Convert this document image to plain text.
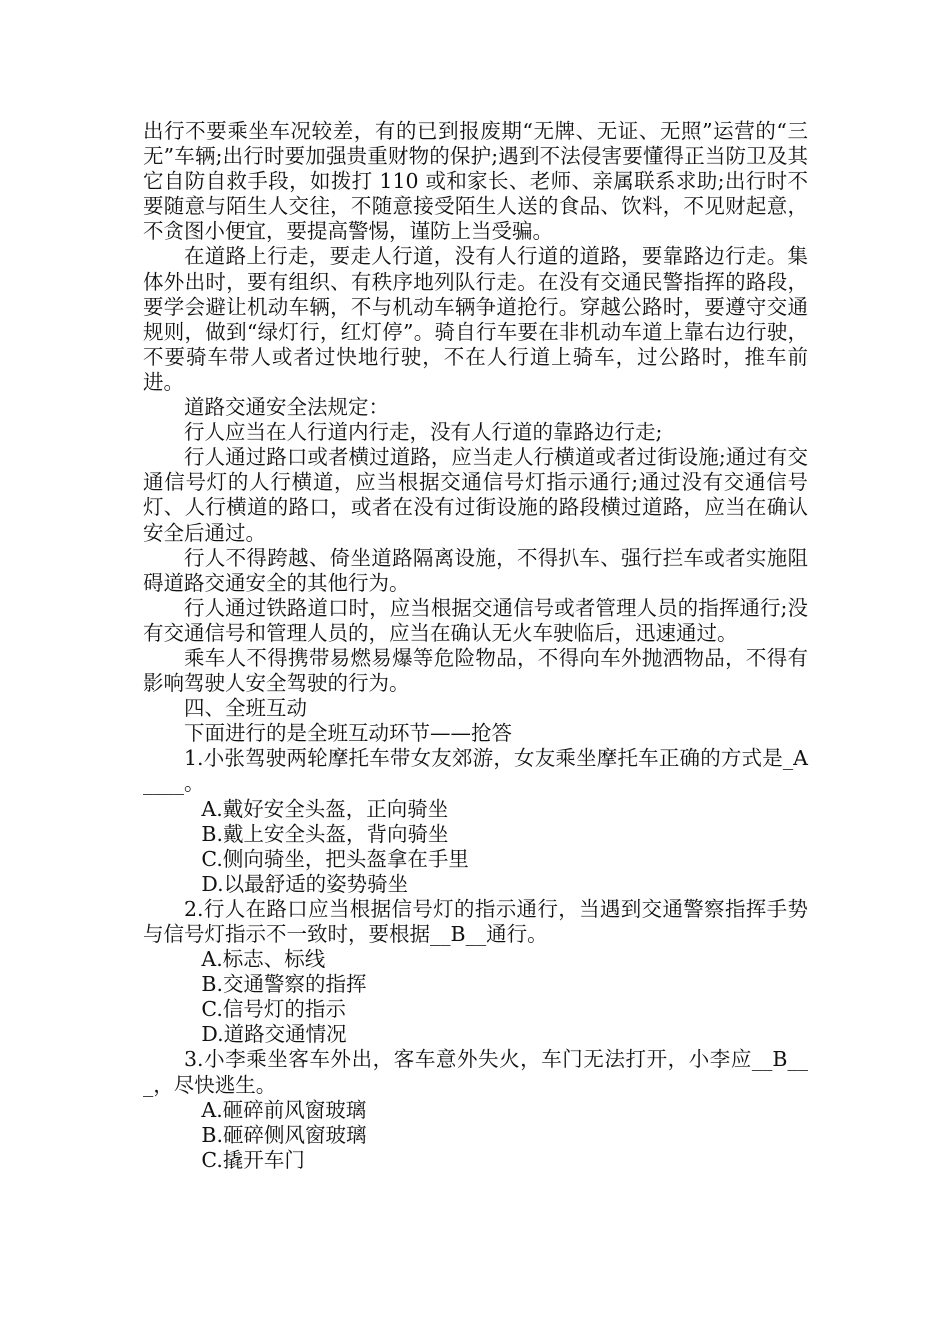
出行不要乘坐车况较差，有的已到报废期“无牌、无证、无照”运营的“三无”车辆;出行时要加强贵重财物的保护;遇到不法侵害要懂得正当防卫及其它自防自救手段，如拨打 110 或和家长、老师、亲属联系求助;出行时不要随意与陌生人交往，不随意接受陌生人送的食品、饮料，不见财起意，不贪图小便宜，要提高警惕，谨防上当受骗。

在道路上行走，要走人行道，没有人行道的道路，要靠路边行走。集体外出时，要有组织、有秩序地列队行走。在没有交通民警指挥的路段，要学会避让机动车辆，不与机动车辆争道抢行。穿越公路时，要遵守交通规则，做到“绿灯行，红灯停”。骑自行车要在非机动车道上靠右边行驶，不要骑车带人或者过快地行驶，不在人行道上骑车，过公路时，推车前进。

道路交通安全法规定：

行人应当在人行道内行走，没有人行道的靠路边行走;

行人通过路口或者横过道路，应当走人行横道或者过街设施;通过有交通信号灯的人行横道，应当根据交通信号灯指示通行;通过没有交通信号灯、人行横道的路口，或者在没有过街设施的路段横过道路，应当在确认安全后通过。

行人不得跨越、倚坐道路隔离设施，不得扒车、强行拦车或者实施阻碍道路交通安全的其他行为。

行人通过铁路道口时，应当根据交通信号或者管理人员的指挥通行;没有交通信号和管理人员的，应当在确认无火车驶临后，迅速通过。

乘车人不得携带易燃易爆等危险物品，不得向车外抛洒物品，不得有影响驾驶人安全驾驶的行为。

四、全班互动

下面进行的是全班互动环节——抢答

1.小张驾驶两轮摩托车带女友郊游，女友乘坐摩托车正确的方式是_A____。

A.戴好安全头盔，正向骑坐

B.戴上安全头盔，背向骑坐

C.侧向骑坐，把头盔拿在手里

D.以最舒适的姿势骑坐

2.行人在路口应当根据信号灯的指示通行，当遇到交通警察指挥手势与信号灯指示不一致时，要根据__B__通行。

A.标志、标线

B.交通警察的指挥

C.信号灯的指示

D.道路交通情况

3.小李乘坐客车外出，客车意外失火，车门无法打开，小李应__B___，尽快逃生。

A.砸碎前风窗玻璃

B.砸碎侧风窗玻璃

C.撬开车门
